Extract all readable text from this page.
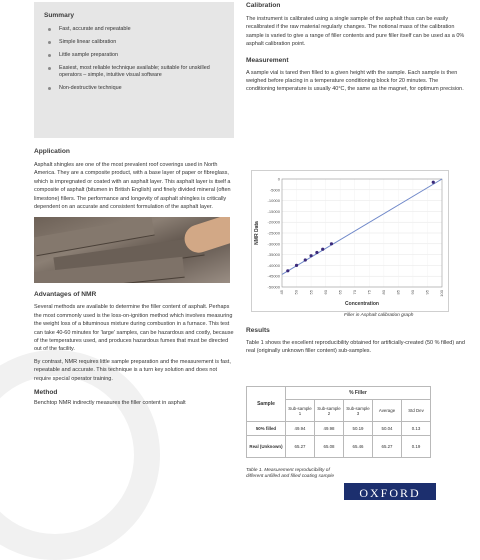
Summary
Fast, accurate and repeatable
Simple linear calibration
Little sample preparation
Easiest, most reliable technique available; suitable for unskilled operators – simple, intuitive visual software
Non-destructive technique
Application

Asphalt shingles are one of the most prevalent roof coverings used in North America. They are a composite product, with a base layer of paper or fibreglass, which is impregnated or coated with an asphalt layer. This asphalt layer is itself a composite of asphalt (bitumen in British English) and finely divided mineral (often limestone) fillers. The performance and longevity of asphalt shingles is critically dependent on an accurate and consistent formulation of the asphalt layer.

Advantages of NMR

Several methods are available to determine the filler content of asphalt. Perhaps the most commonly used is the loss-on-ignition method which involves measuring the weight loss of a bituminous mixture during combustion in a furnace. This test can take 40-60 minutes for 'large' samples, can be hazardous and costly, because of the temperatures used, and produces hazardous fumes that must be directed out of the facility.

By contrast, NMR requires little sample preparation and the measurement is fast, repeatable and accurate. This technique is a turn key solution and does not require special operator training.

Method

Benchtop NMR indirectly measures the filler content in asphalt

Calibration

The instrument is calibrated using a single sample of the asphalt thus can be easily recalibrated if the raw material regularly changes. The notional mass of the calibration sample is varied to give a range of filler contents and pure filler itself can be used as a 0% asphalt calibration point.

Measurement

A sample vial is tared then filled to a given height with the sample. Each sample is then weighed before placing in a temperature conditioning block for 20 minutes. The conditioning temperature is usually 40°C, the same as the magnet, for optimum precision.

0
-5000
-10000
-15000
-20000
-25000
-30000
-35000
-40000
-45000
-50000
45 50 55 60 65 70 75 80 85 90 95 100
Concentration
NMR Data
Filler in Asphalt calibration graph
Results

Table 1 shows the excellent reproducibility obtained for artificially-created (50 % filled) and real (originally unknown filler content) sub-samples.

Sample	% Filler				
	Sub-sample 1	Sub-sample 2	Sub-sample 3	Average	Std Dev
50% filled	49.94	49.98	50.19	50.04	0.13
Real (Unknown)	65.27	65.08	65.46	65.27	0.19
Table 1. Measurement reproducibility of different unfilled and filled coating sample
OXFORD
